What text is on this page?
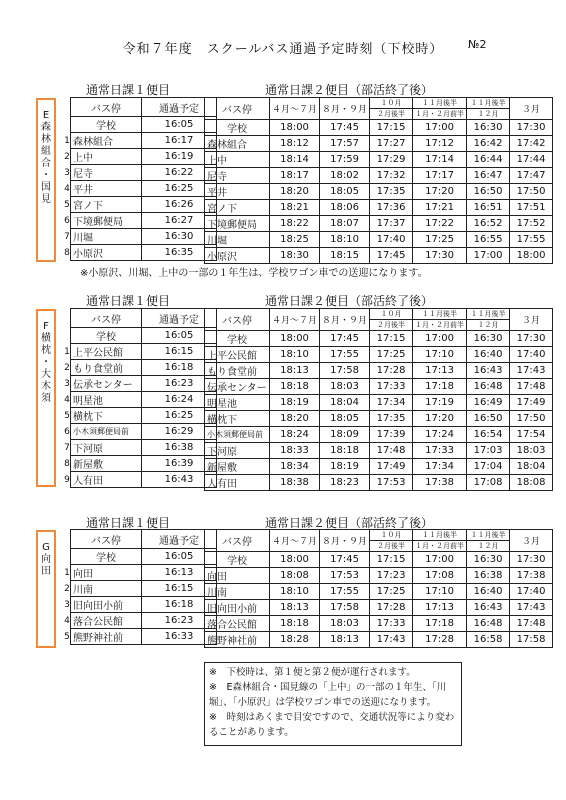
令和７年度　スクールバス通過予定時刻（下校時）	№2
通常日課１便目	通常日課２便目（部活終了後）
E
森
林
組
合
・
国
見
	バス停	通過予定
	学校	16:05
1	森林組合	16:17
2	上中	16:19
3	尼寺	16:22
4	平井	16:25
5	宮ノ下	16:26
6	下境郵便局	16:27
7	川堀	16:30
8	小原沢	16:35
バス停	４月～７月	８月・９月	１０月	１１月後半	１１月後半	３月
			２月後半	１月・２月前半	１２月	
学校	18:00	17:45	17:15	17:00	16:30	17:30
森林組合	18:12	17:57	17:27	17:12	16:42	17:42
上中	18:14	17:59	17:29	17:14	16:44	17:44
尼寺	18:17	18:02	17:32	17:17	16:47	17:47
平井	18:20	18:05	17:35	17:20	16:50	17:50
宮ノ下	18:21	18:06	17:36	17:21	16:51	17:51
下境郵便局	18:22	18:07	17:37	17:22	16:52	17:52
川堀	18:25	18:10	17:40	17:25	16:55	17:55
小原沢	18:30	18:15	17:45	17:30	17:00	18:00
※小原沢、川堀、上中の一部の１年生は、学校ワゴン車での送迎になります。
通常日課１便目	通常日課２便目（部活終了後）
F
横
枕
・
大
木
須
	バス停	通過予定
	学校	16:05
1	上平公民館	16:15
2	もり食堂前	16:18
3	伝承センター	16:23
4	明星池	16:24
5	横枕下	16:25
6	小木須郵便局前	16:29
7	下河原	16:38
8	新屋敷	16:39
9	人有田	16:43
バス停	４月～７月	８月・９月	１０月	１１月後半	１１月後半	３月
			２月後半	１月・２月前半	１２月	
学校	18:00	17:45	17:15	17:00	16:30	17:30
上平公民館	18:10	17:55	17:25	17:10	16:40	17:40
もり食堂前	18:13	17:58	17:28	17:13	16:43	17:43
伝承センター	18:18	18:03	17:33	17:18	16:48	17:48
明星池	18:19	18:04	17:34	17:19	16:49	17:49
横枕下	18:20	18:05	17:35	17:20	16:50	17:50
小木須郵便局前	18:24	18:09	17:39	17:24	16:54	17:54
下河原	18:33	18:18	17:48	17:33	17:03	18:03
新屋敷	18:34	18:19	17:49	17:34	17:04	18:04
人有田	18:38	18:23	17:53	17:38	17:08	18:08
通常日課１便目	通常日課２便目（部活終了後）
G
向
田
	バス停	通過予定
	学校	16:05
1	向田	16:13
2	川南	16:15
3	旧向田小前	16:18
4	落合公民館	16:23
5	熊野神社前	16:33
バス停	４月～７月	８月・９月	１０月	１１月後半	１１月後半	３月
			２月後半	１月・２月前半	１２月	
学校	18:00	17:45	17:15	17:00	16:30	17:30
向田	18:08	17:53	17:23	17:08	16:38	17:38
川南	18:10	17:55	17:25	17:10	16:40	17:40
旧向田小前	18:13	17:58	17:28	17:13	16:43	17:43
落合公民館	18:18	18:03	17:33	17:18	16:48	17:48
熊野神社前	18:28	18:13	17:43	17:28	16:58	17:58
※　下校時は、第１便と第２便が運行されます。
※　E森林組合・国見線の「上中」の一部の１年生、「川堀」、「小原沢」は学校ワゴン車での送迎になります。
※　時刻はあくまで目安ですので、交通状況等により変わることがあります。
